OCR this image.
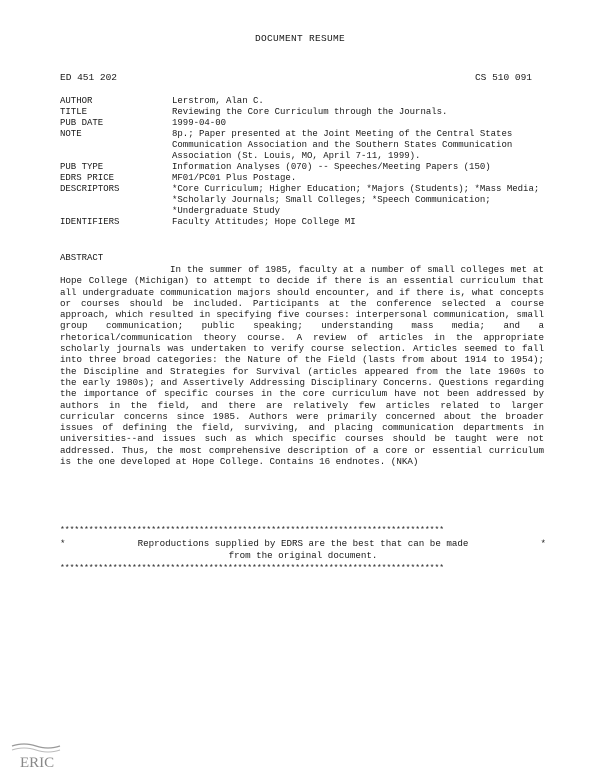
DOCUMENT RESUME
ED 451 202	CS 510 091
AUTHOR	Lerstrom, Alan C.
TITLE	Reviewing the Core Curriculum through the Journals.
PUB DATE	1999-04-00
NOTE	8p.; Paper presented at the Joint Meeting of the Central States Communication Association and the Southern States Communication Association (St. Louis, MO, April 7-11, 1999).
PUB TYPE	Information Analyses (070) -- Speeches/Meeting Papers (150)
EDRS PRICE	MF01/PC01 Plus Postage.
DESCRIPTORS	*Core Curriculum; Higher Education; *Majors (Students); *Mass Media; *Scholarly Journals; Small Colleges; *Speech Communication; *Undergraduate Study
IDENTIFIERS	Faculty Attitudes; Hope College MI
ABSTRACT
In the summer of 1985, faculty at a number of small colleges met at Hope College (Michigan) to attempt to decide if there is an essential curriculum that all undergraduate communication majors should encounter, and if there is, what concepts or courses should be included. Participants at the conference selected a course approach, which resulted in specifying five courses: interpersonal communication, small group communication; public speaking; understanding mass media; and a rhetorical/communication theory course. A review of articles in the appropriate scholarly journals was undertaken to verify course selection. Articles seemed to fall into three broad categories: the Nature of the Field (lasts from about 1914 to 1954); the Discipline and Strategies for Survival (articles appeared from the late 1960s to the early 1980s); and Assertively Addressing Disciplinary Concerns. Questions regarding the importance of specific courses in the core curriculum have not been addressed by authors in the field, and there are relatively few articles related to larger curricular concerns since 1985. Authors were primarily concerned about the broader issues of defining the field, surviving, and placing communication departments in universities--and issues such as which specific courses should be taught were not addressed. Thus, the most comprehensive description of a core or essential curriculum is the one developed at Hope College. Contains 16 endnotes. (NKA)
********************************************************************************
*	*
Reproductions supplied by EDRS are the best that can be made
from the original document.
********************************************************************************
ERIC
